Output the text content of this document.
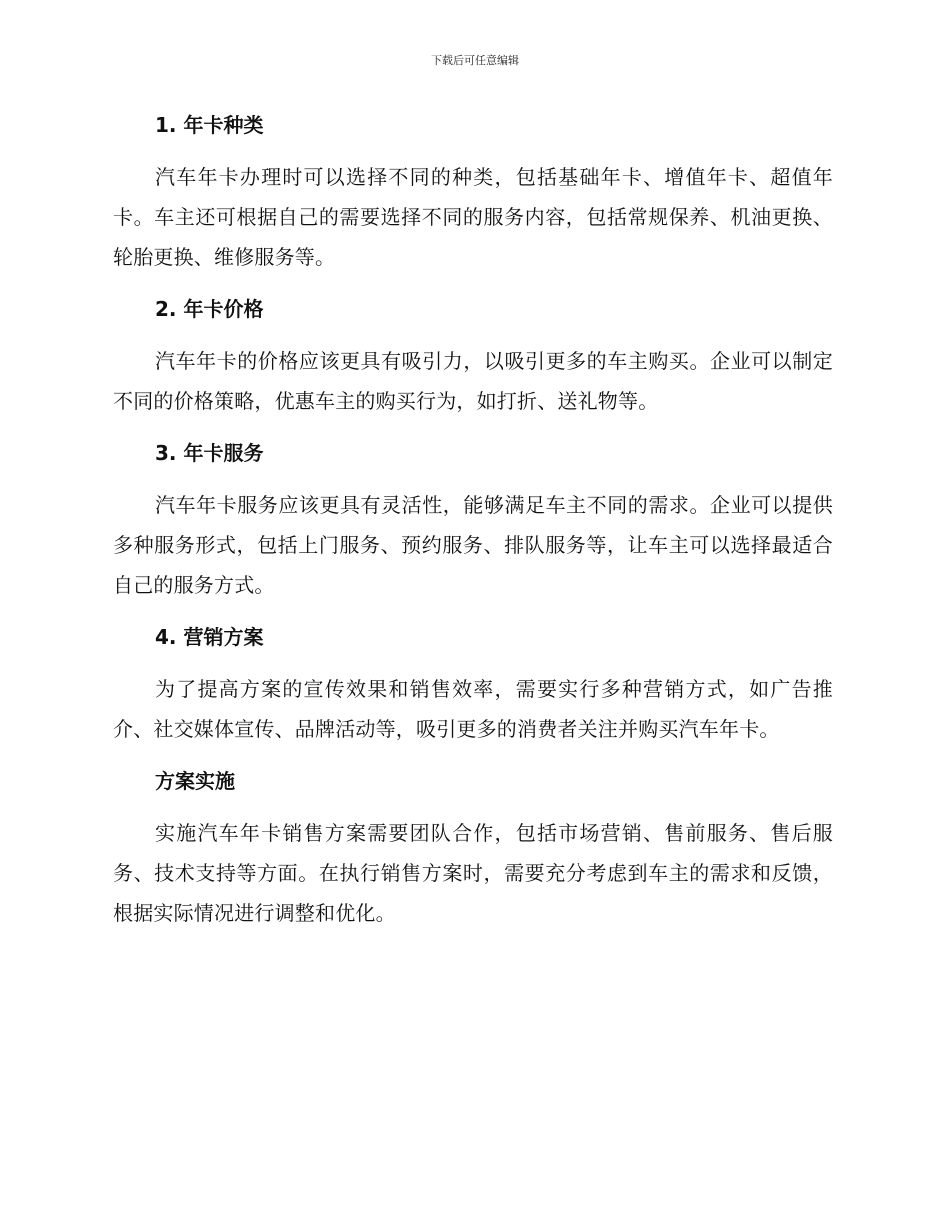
下载后可任意编辑
1. 年卡种类

汽车年卡办理时可以选择不同的种类，包括基础年卡、增值年卡、超值年卡。车主还可根据自己的需要选择不同的服务内容，包括常规保养、机油更换、轮胎更换、维修服务等。

2. 年卡价格

汽车年卡的价格应该更具有吸引力，以吸引更多的车主购买。企业可以制定不同的价格策略，优惠车主的购买行为，如打折、送礼物等。

3. 年卡服务

汽车年卡服务应该更具有灵活性，能够满足车主不同的需求。企业可以提供多种服务形式，包括上门服务、预约服务、排队服务等，让车主可以选择最适合自己的服务方式。

4. 营销方案

为了提高方案的宣传效果和销售效率，需要实行多种营销方式，如广告推介、社交媒体宣传、品牌活动等，吸引更多的消费者关注并购买汽车年卡。

方案实施

实施汽车年卡销售方案需要团队合作，包括市场营销、售前服务、售后服务、技术支持等方面。在执行销售方案时，需要充分考虑到车主的需求和反馈，根据实际情况进行调整和优化。
